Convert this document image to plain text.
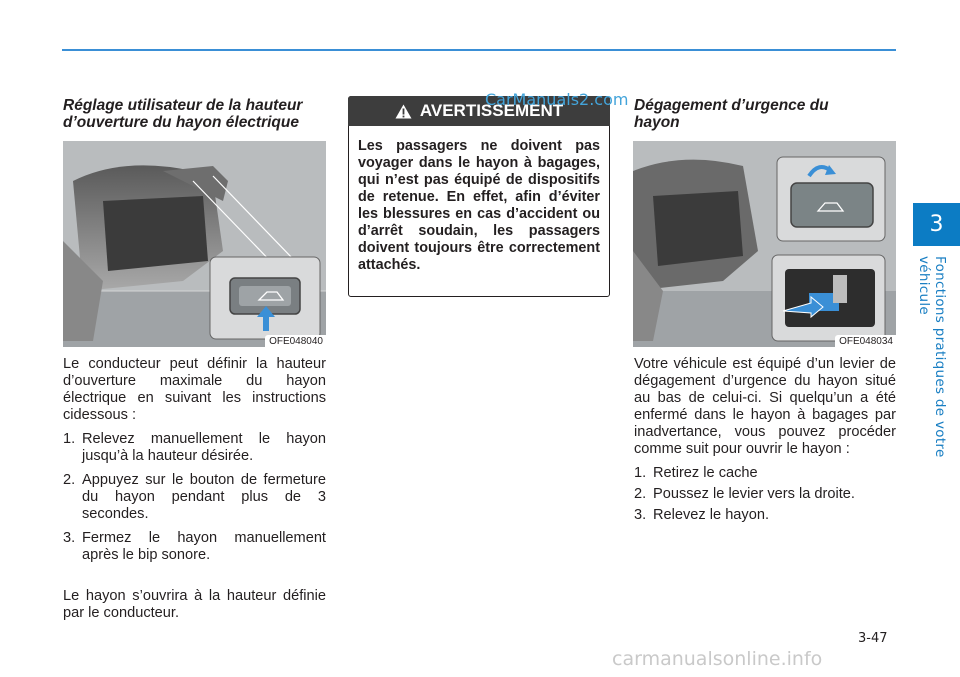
3
Fonctions pratiques de votre véhicule
Réglage utilisateur de la hauteur d’ouverture du hayon électrique
OFE048040

Le conducteur peut définir la hauteur d’ouverture maximale du hayon électrique en suivant les instructions cidessous :

1. Relevez manuellement le hayon jusqu’à la hauteur désirée.
2. Appuyez sur le bouton de fermeture du hayon pendant plus de 3 secondes.
3. Fermez le hayon manuellement après le bip sonore.

Le hayon s’ouvrira à la hauteur définie par le conducteur.

AVERTISSEMENT
Les passagers ne doivent pas voyager dans le hayon à bagages, qui n’est pas équipé de dispositifs de retenue. En effet, afin d’éviter les blessures en cas d’accident ou d’arrêt soudain, les passagers doivent toujours être correctement attachés.
CarManuals2.com Dégagement d’urgence du hayon
OFE048034

Votre véhicule est équipé d’un levier de dégagement d’urgence du hayon situé au bas de celui-ci. Si quelqu’un a été enfermé dans le hayon à bagages par inadvertance, vous pouvez procéder comme suit pour ouvrir le hayon :

1. Retirez le cache
2. Poussez le levier vers la droite.
3. Relevez le hayon.
3-47
carmanualsonline.info
